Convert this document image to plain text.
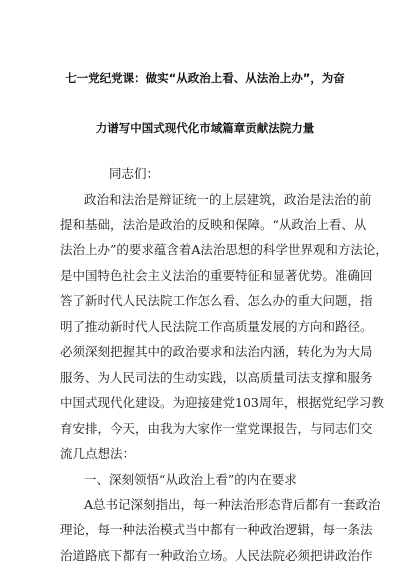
七一党纪党课：做实“从政治上看、从法治上办”，为奋
力谱写中国式现代化市域篇章贡献法院力量
同志们：
政治和法治是辩证统一的上层建筑，政治是法治的前
提和基础，法治是政治的反映和保障。“从政治上看、从
法治上办”的要求蕴含着A法治思想的科学世界观和方法论，
是中国特色社会主义法治的重要特征和显著优势。准确回
答了新时代人民法院工作怎么看、怎么办的重大问题，指
明了推动新时代人民法院工作高质量发展的方向和路径。
必须深刻把握其中的政治要求和法治内涵，转化为为大局
服务、为人民司法的生动实践，以高质量司法支撑和服务
中国式现代化建设。为迎接建党103周年，根据党纪学习教
育安排，今天，由我为大家作一堂党课报告，与同志们交
流几点想法：
一、深刻领悟“从政治上看”的内在要求
A总书记深刻指出，每一种法治形态背后都有一套政治
理论，每一种法治模式当中都有一种政治逻辑，每一条法
治道路底下都有一种政治立场。人民法院必须把讲政治作
